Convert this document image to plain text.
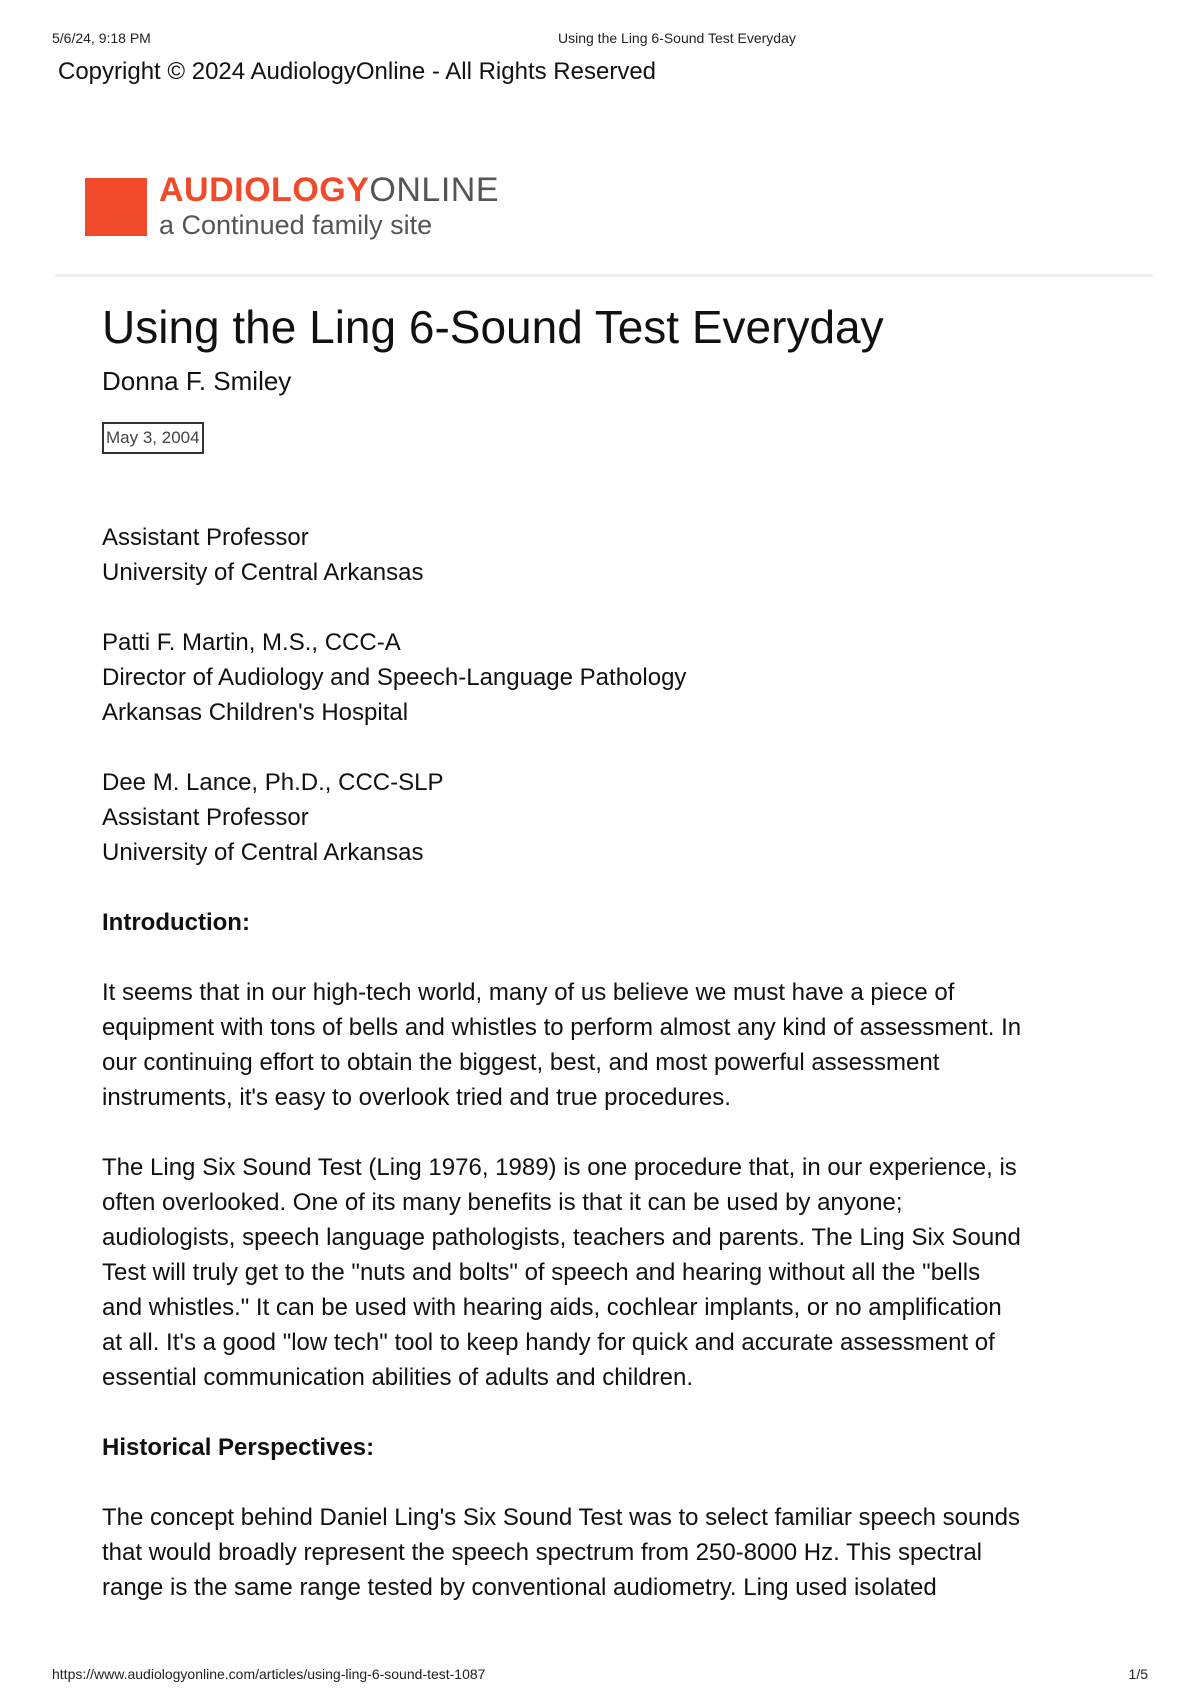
5/6/24, 9:18 PM	Using the Ling 6-Sound Test Everyday
Copyright © 2024 AudiologyOnline - All Rights Reserved
AUDIOLOGYONLINE
a Continued family site
Using the Ling 6-Sound Test Everyday
Donna F. Smiley
May 3, 2004

Assistant Professor
University of Central Arkansas

Patti F. Martin, M.S., CCC-A
Director of Audiology and Speech-Language Pathology
Arkansas Children's Hospital

Dee M. Lance, Ph.D., CCC-SLP
Assistant Professor
University of Central Arkansas

Introduction:

It seems that in our high-tech world, many of us believe we must have a piece of
equipment with tons of bells and whistles to perform almost any kind of assessment. In
our continuing effort to obtain the biggest, best, and most powerful assessment
instruments, it's easy to overlook tried and true procedures.

The Ling Six Sound Test (Ling 1976, 1989) is one procedure that, in our experience, is
often overlooked. One of its many benefits is that it can be used by anyone;
audiologists, speech language pathologists, teachers and parents. The Ling Six Sound
Test will truly get to the "nuts and bolts" of speech and hearing without all the "bells
and whistles." It can be used with hearing aids, cochlear implants, or no amplification
at all. It's a good "low tech" tool to keep handy for quick and accurate assessment of
essential communication abilities of adults and children.

Historical Perspectives:

The concept behind Daniel Ling's Six Sound Test was to select familiar speech sounds
that would broadly represent the speech spectrum from 250-8000 Hz. This spectral
range is the same range tested by conventional audiometry. Ling used isolated

https://www.audiologyonline.com/articles/using-ling-6-sound-test-1087	1/5
